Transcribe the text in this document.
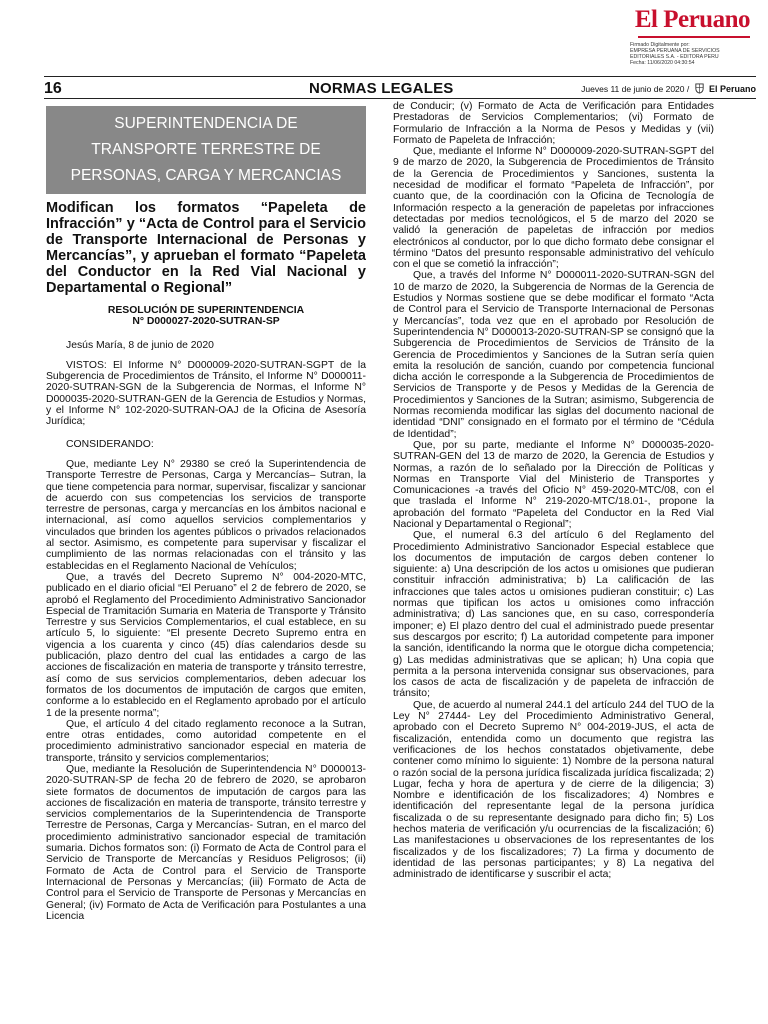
El Peruano
Firmado Digitalmente por:
EMPRESA PERUANA DE SERVICIOS
EDITORIALES S.A. - EDITORA PERU
Fecha: 11/06/2020 04:30:54
16	NORMAS LEGALES	Jueves 11 de junio de 2020 / El Peruano
SUPERINTENDENCIA DE
TRANSPORTE TERRESTRE DE
PERSONAS, CARGA Y MERCANCIAS

Modifican los formatos “Papeleta de Infracción” y “Acta de Control para el Servicio de Transporte Internacional de Personas y Mercancías”, y aprueban el formato “Papeleta del Conductor en la Red Vial Nacional y Departamental o Regional”

RESOLUCIÓN DE SUPERINTENDENCIA
N° D000027-2020-SUTRAN-SP

Jesús María, 8 de junio de 2020

VISTOS: El Informe N° D000009-2020-SUTRAN-SGPT de la Subgerencia de Procedimientos de Tránsito, el Informe N° D000011-2020-SUTRAN-SGN de la Subgerencia de Normas, el Informe N° D000035-2020-SUTRAN-GEN de la Gerencia de Estudios y Normas, y el Informe N° 102-2020-SUTRAN-OAJ de la Oficina de Asesoría Jurídica;

CONSIDERANDO:

Que, mediante Ley N° 29380 se creó la Superintendencia de Transporte Terrestre de Personas, Carga y Mercancías– Sutran, la que tiene competencia para normar, supervisar, fiscalizar y sancionar de acuerdo con sus competencias los servicios de transporte terrestre de personas, carga y mercancías en los ámbitos nacional e internacional, así como aquellos servicios complementarios y vinculados que brinden los agentes públicos o privados relacionados al sector. Asimismo, es competente para supervisar y fiscalizar el cumplimiento de las normas relacionadas con el tránsito y las establecidas en el Reglamento Nacional de Vehículos;

Que, a través del Decreto Supremo N° 004-2020-MTC, publicado en el diario oficial “El Peruano” el 2 de febrero de 2020, se aprobó el Reglamento del Procedimiento Administrativo Sancionador Especial de Tramitación Sumaria en Materia de Transporte y Tránsito Terrestre y sus Servicios Complementarios, el cual establece, en su artículo 5, lo siguiente: “El presente Decreto Supremo entra en vigencia a los cuarenta y cinco (45) días calendarios desde su publicación, plazo dentro del cual las entidades a cargo de las acciones de fiscalización en materia de transporte y tránsito terrestre, así como de sus servicios complementarios, deben adecuar los formatos de los documentos de imputación de cargos que emiten, conforme a lo establecido en el Reglamento aprobado por el artículo 1 de la presente norma”;

Que, el artículo 4 del citado reglamento reconoce a la Sutran, entre otras entidades, como autoridad competente en el procedimiento administrativo sancionador especial en materia de transporte, tránsito y servicios complementarios;

Que, mediante la Resolución de Superintendencia N° D000013-2020-SUTRAN-SP de fecha 20 de febrero de 2020, se aprobaron siete formatos de documentos de imputación de cargos para las acciones de fiscalización en materia de transporte, tránsito terrestre y servicios complementarios de la Superintendencia de Transporte Terrestre de Personas, Carga y Mercancías- Sutran, en el marco del procedimiento administrativo sancionador especial de tramitación sumaria. Dichos formatos son: (i) Formato de Acta de Control para el Servicio de Transporte de Mercancías y Residuos Peligrosos; (ii) Formato de Acta de Control para el Servicio de Transporte Internacional de Personas y Mercancías; (iii) Formato de Acta de Control para el Servicio de Transporte de Personas y Mercancías en General; (iv) Formato de Acta de Verificación para Postulantes a una Licencia

de Conducir; (v) Formato de Acta de Verificación para Entidades Prestadoras de Servicios Complementarios; (vi) Formato de Formulario de Infracción a la Norma de Pesos y Medidas y (vii) Formato de Papeleta de Infracción;

Que, mediante el Informe N° D000009-2020-SUTRAN-SGPT del 9 de marzo de 2020, la Subgerencia de Procedimientos de Tránsito de la Gerencia de Procedimientos y Sanciones, sustenta la necesidad de modificar el formato “Papeleta de Infracción”, por cuanto que, de la coordinación con la Oficina de Tecnología de Información respecto a la generación de papeletas por infracciones detectadas por medios tecnológicos, el 5 de marzo del 2020 se validó la generación de papeletas de infracción por medios electrónicos al conductor, por lo que dicho formato debe consignar el término “Datos del presunto responsable administrativo del vehículo con el que se cometió la infracción”;

Que, a través del Informe N° D000011-2020-SUTRAN-SGN del 10 de marzo de 2020, la Subgerencia de Normas de la Gerencia de Estudios y Normas sostiene que se debe modificar el formato “Acta de Control para el Servicio de Transporte Internacional de Personas y Mercancías”, toda vez que en el aprobado por Resolución de Superintendencia N° D000013-2020-SUTRAN-SP se consignó que la Subgerencia de Procedimientos de Servicios de Tránsito de la Gerencia de Procedimientos y Sanciones de la Sutran sería quien emita la resolución de sanción, cuando por competencia funcional dicha acción le corresponde a la Subgerencia de Procedimientos de Servicios de Transporte y de Pesos y Medidas de la Gerencia de Procedimientos y Sanciones de la Sutran; asimismo, Subgerencia de Normas recomienda modificar las siglas del documento nacional de identidad “DNI” consignado en el formato por el término de “Cédula de Identidad”;

Que, por su parte, mediante el Informe N° D000035-2020-SUTRAN-GEN del 13 de marzo de 2020, la Gerencia de Estudios y Normas, a razón de lo señalado por la Dirección de Políticas y Normas en Transporte Vial del Ministerio de Transportes y Comunicaciones -a través del Oficio N° 459-2020-MTC/08, con el que traslada el Informe N° 219-2020-MTC/18.01-, propone la aprobación del formato “Papeleta del Conductor en la Red Vial Nacional y Departamental o Regional”;

Que, el numeral 6.3 del artículo 6 del Reglamento del Procedimiento Administrativo Sancionador Especial establece que los documentos de imputación de cargos deben contener lo siguiente: a) Una descripción de los actos u omisiones que pudieran constituir infracción administrativa; b) La calificación de las infracciones que tales actos u omisiones pudieran constituir; c) Las normas que tipifican los actos u omisiones como infracción administrativa; d) Las sanciones que, en su caso, correspondería imponer; e) El plazo dentro del cual el administrado puede presentar sus descargos por escrito; f) La autoridad competente para imponer la sanción, identificando la norma que le otorgue dicha competencia; g) Las medidas administrativas que se aplican; h) Una copia que permita a la persona intervenida consignar sus observaciones, para los casos de acta de fiscalización y de papeleta de infracción de tránsito;

Que, de acuerdo al numeral 244.1 del artículo 244 del TUO de la Ley N° 27444- Ley del Procedimiento Administrativo General, aprobado con el Decreto Supremo N° 004-2019-JUS, el acta de fiscalización, entendida como un documento que registra las verificaciones de los hechos constatados objetivamente, debe contener como mínimo lo siguiente: 1) Nombre de la persona natural o razón social de la persona jurídica fiscalizada jurídica fiscalizada; 2) Lugar, fecha y hora de apertura y de cierre de la diligencia; 3) Nombre e identificación de los fiscalizadores; 4) Nombres e identificación del representante legal de la persona jurídica fiscalizada o de su representante designado para dicho fin; 5) Los hechos materia de verificación y/u ocurrencias de la fiscalización; 6) Las manifestaciones u observaciones de los representantes de los fiscalizados y de los fiscalizadores; 7) La firma y documento de identidad de las personas participantes; y 8) La negativa del administrado de identificarse y suscribir el acta;
